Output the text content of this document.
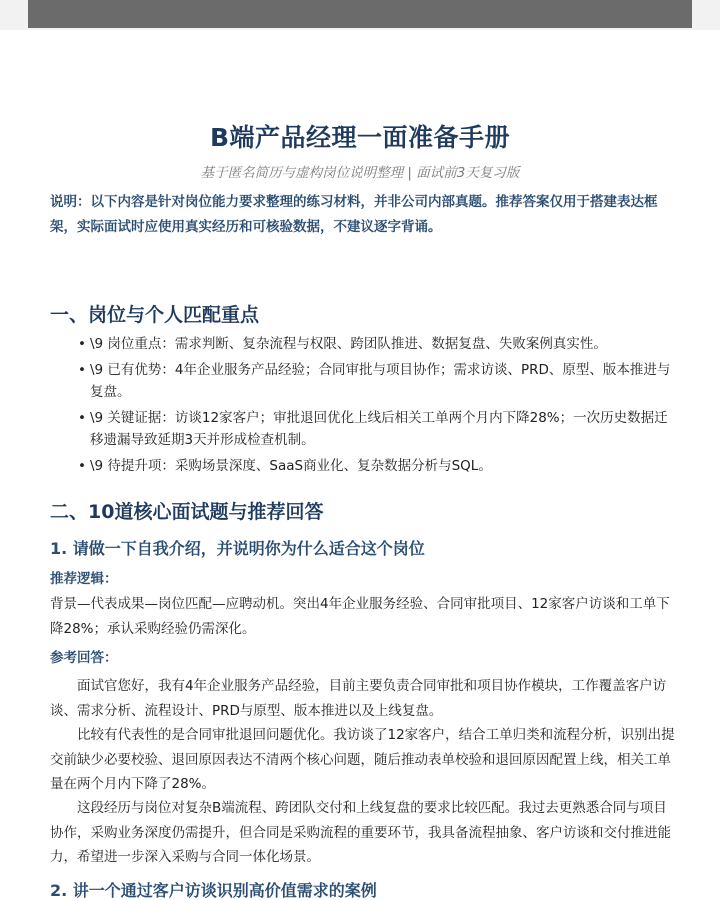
B端产品经理一面准备手册
基于匿名简历与虚构岗位说明整理 | 面试前3天复习版
说明：以下内容是针对岗位能力要求整理的练习材料，并非公司内部真题。推荐答案仅用于搭建表达框架，实际面试时应使用真实经历和可核验数据，不建议逐字背诵。
一、岗位与个人匹配重点
• \9 岗位重点：需求判断、复杂流程与权限、跨团队推进、数据复盘、失败案例真实性。
• \9 已有优势：4年企业服务产品经验；合同审批与项目协作；需求访谈、PRD、原型、版本推进与复盘。
• \9 关键证据：访谈12家客户；审批退回优化上线后相关工单两个月内下降28%；一次历史数据迁移遗漏导致延期3天并形成检查机制。
• \9 待提升项：采购场景深度、SaaS商业化、复杂数据分析与SQL。
二、10道核心面试题与推荐回答
1. 请做一下自我介绍，并说明你为什么适合这个岗位
推荐逻辑：
背景—代表成果—岗位匹配—应聘动机。突出4年企业服务经验、合同审批项目、12家客户访谈和工单下降28%；承认采购经验仍需深化。
参考回答：
面试官您好，我有4年企业服务产品经验，目前主要负责合同审批和项目协作模块，工作覆盖客户访谈、需求分析、流程设计、PRD与原型、版本推进以及上线复盘。
比较有代表性的是合同审批退回问题优化。我访谈了12家客户，结合工单归类和流程分析，识别出提交前缺少必要校验、退回原因表达不清两个核心问题，随后推动表单校验和退回原因配置上线，相关工单量在两个月内下降了28%。
这段经历与岗位对复杂B端流程、跨团队交付和上线复盘的要求比较匹配。我过去更熟悉合同与项目协作，采购业务深度仍需提升，但合同是采购流程的重要环节，我具备流程抽象、客户访谈和交付推进能力，希望进一步深入采购与合同一体化场景。
2. 讲一个通过客户访谈识别高价值需求的案例
